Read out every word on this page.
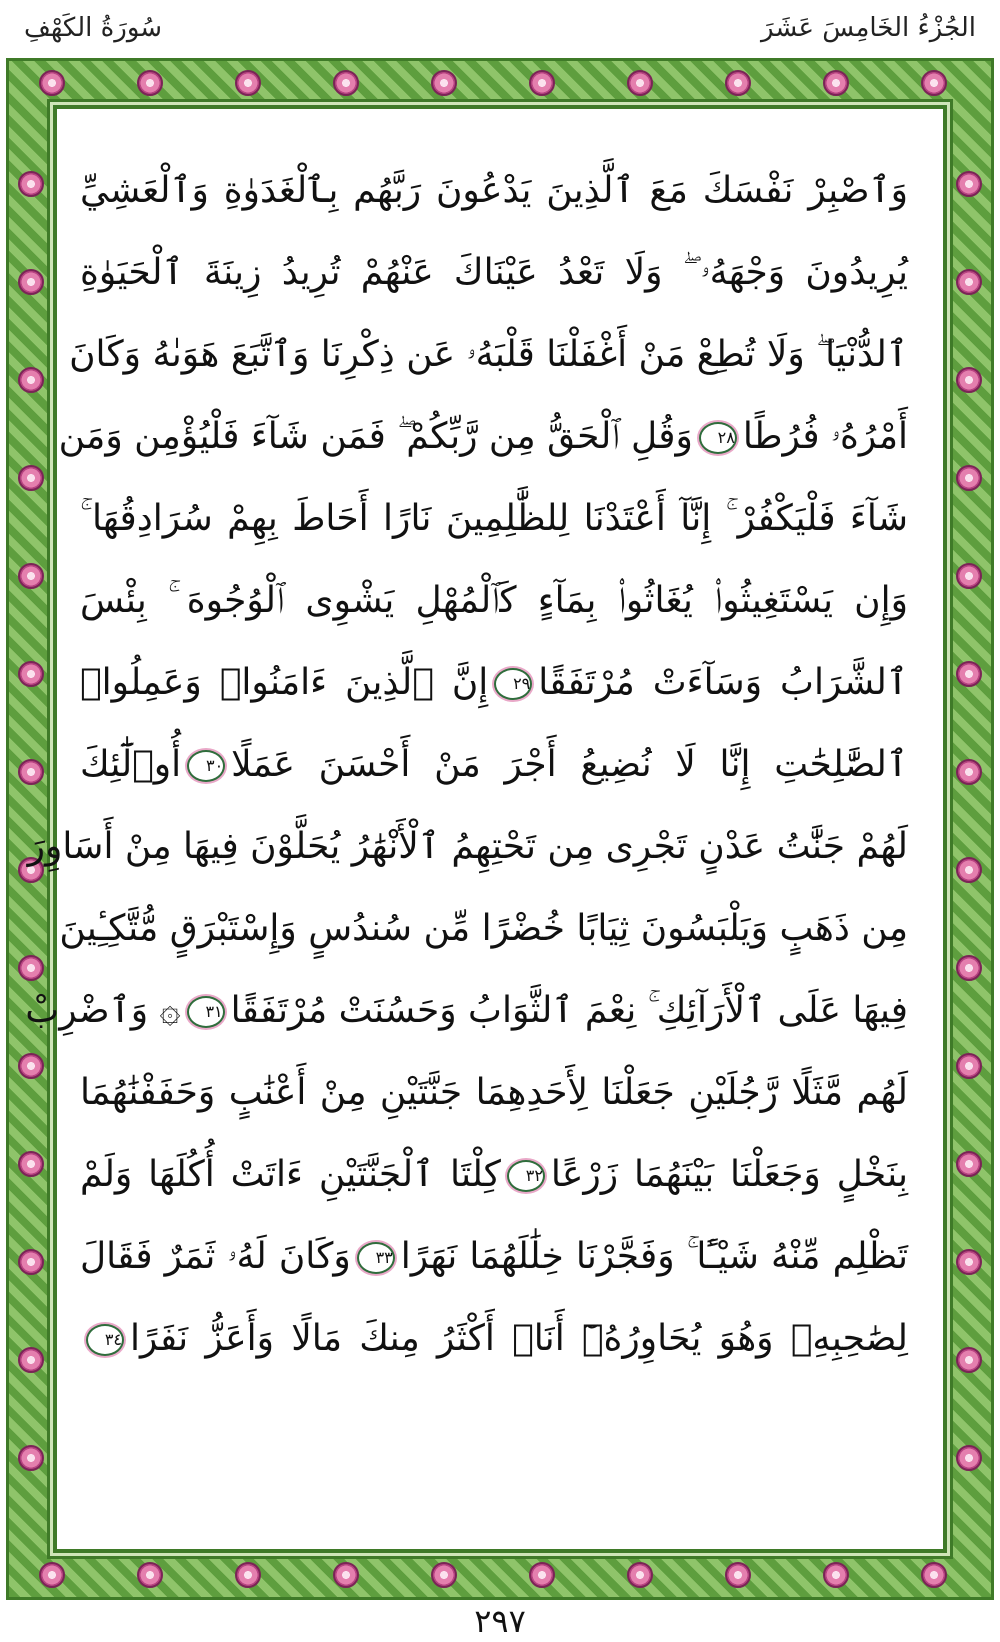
الجُزْءُ الخَامِسَ عَشَرَ
سُورَةُ الكَهْفِ
وَٱصْبِرْ نَفْسَكَ مَعَ ٱلَّذِينَ يَدْعُونَ رَبَّهُم بِٱلْغَدَوٰةِ وَٱلْعَشِيِّ
يُرِيدُونَ وَجْهَهُۥ ۖ وَلَا تَعْدُ عَيْنَاكَ عَنْهُمْ تُرِيدُ زِينَةَ ٱلْحَيَوٰةِ
ٱلدُّنْيَا ۖ وَلَا تُطِعْ مَنْ أَغْفَلْنَا قَلْبَهُۥ عَن ذِكْرِنَا وَٱتَّبَعَ هَوَىٰهُ وَكَانَ
أَمْرُهُۥ فُرُطًا٢٨وَقُلِ ٱلْحَقُّ مِن رَّبِّكُمْ ۖ فَمَن شَآءَ فَلْيُؤْمِن وَمَن
شَآءَ فَلْيَكْفُرْ ۚ إِنَّآ أَعْتَدْنَا لِلظَّٰلِمِينَ نَارًا أَحَاطَ بِهِمْ سُرَادِقُهَا ۚ
وَإِن يَسْتَغِيثُوا۟ يُغَاثُوا۟ بِمَآءٍ كَٱلْمُهْلِ يَشْوِى ٱلْوُجُوهَ ۚ بِئْسَ
ٱلشَّرَابُ وَسَآءَتْ مُرْتَفَقًا٢٩إِنَّ ٱلَّذِينَ ءَامَنُوا۟ وَعَمِلُوا۟
ٱلصَّٰلِحَٰتِ إِنَّا لَا نُضِيعُ أَجْرَ مَنْ أَحْسَنَ عَمَلًا٣٠أُو۟لَٰٓئِكَ
لَهُمْ جَنَّٰتُ عَدْنٍ تَجْرِى مِن تَحْتِهِمُ ٱلْأَنْهَٰرُ يُحَلَّوْنَ فِيهَا مِنْ أَسَاوِرَ
مِن ذَهَبٍ وَيَلْبَسُونَ ثِيَابًا خُضْرًا مِّن سُندُسٍ وَإِسْتَبْرَقٍ مُّتَّكِـِٔينَ
فِيهَا عَلَى ٱلْأَرَآئِكِ ۚ نِعْمَ ٱلثَّوَابُ وَحَسُنَتْ مُرْتَفَقًا٣١۞ وَٱضْرِبْ
لَهُم مَّثَلًا رَّجُلَيْنِ جَعَلْنَا لِأَحَدِهِمَا جَنَّتَيْنِ مِنْ أَعْنَٰبٍ وَحَفَفْنَٰهُمَا
بِنَخْلٍ وَجَعَلْنَا بَيْنَهُمَا زَرْعًا٣٢كِلْتَا ٱلْجَنَّتَيْنِ ءَاتَتْ أُكُلَهَا وَلَمْ
تَظْلِم مِّنْهُ شَيْـًٔا ۚ وَفَجَّرْنَا خِلَٰلَهُمَا نَهَرًا٣٣وَكَانَ لَهُۥ ثَمَرٌ فَقَالَ
لِصَٰحِبِهِۦ وَهُوَ يُحَاوِرُهُۥٓ أَنَا۠ أَكْثَرُ مِنكَ مَالًا وَأَعَزُّ نَفَرًا٣٤
٢٩٧
